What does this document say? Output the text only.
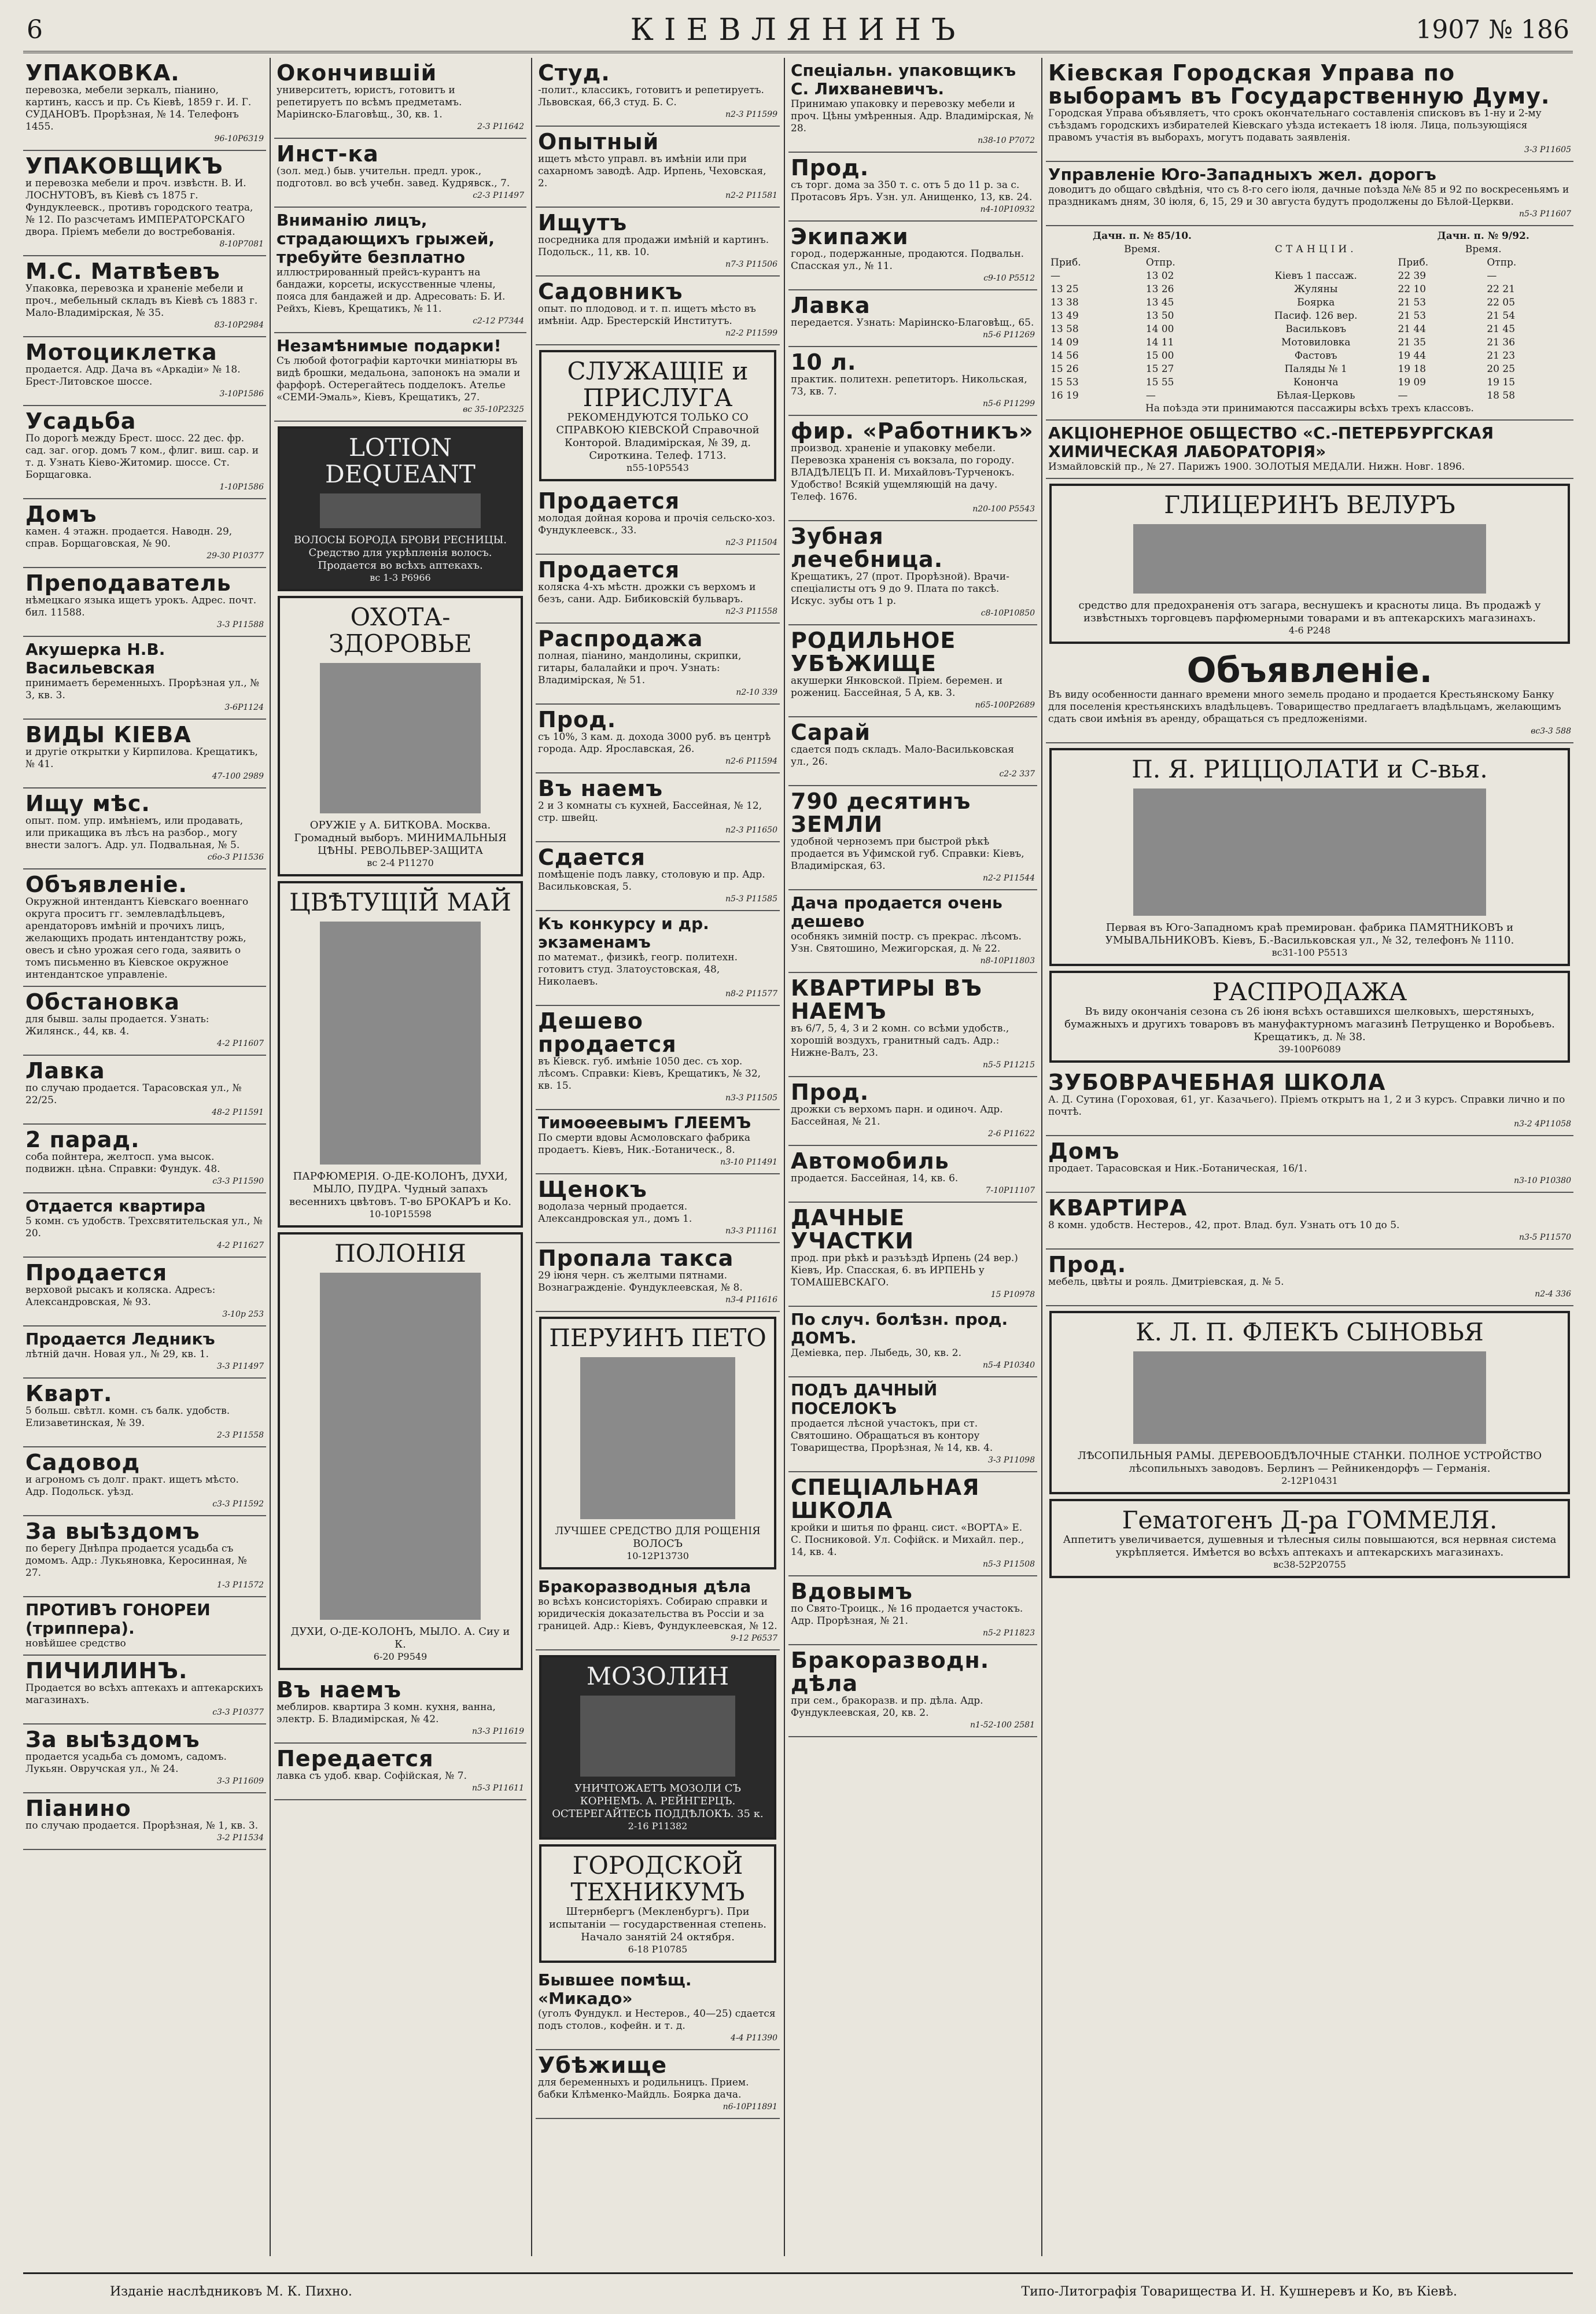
6	КІЕВЛЯНИНЪ	1907 № 186
УПАКОВКА.
перевозка, мебели зеркалъ, піанино, картинъ, кассъ и пр. Съ Кіевѣ, 1859 г. И. Г. СУДАНОВЪ. Прорѣзная, № 14. Телефонъ 1455.
96-10Р6319
УПАКОВЩИКЪ
и перевозка мебели и проч. извѣстн. В. И. ЛОСНУТОВЪ, въ Кіевѣ съ 1875 г. Фундуклеевск., противъ городского театра, № 12. По разсчетамъ ИМПЕРАТОРСКАГО двора. Пріемъ мебели до востребованія.
8-10Р7081
М.С. Матвѣевъ
Упаковка, перевозка и храненіе мебели и проч., мебельный складъ въ Кіевѣ съ 1883 г. Мало-Владимірская, № 35.
83-10Р2984
Мотоциклетка
продается. Адр. Дача въ «Аркадіи» № 18. Брест-Литовское шоссе.
3-10Р1586
Усадьба
По дорогѣ между Брест. шосс. 22 дес. фр. сад. заг. огор. домъ 7 ком., флиг. виш. сар. и т. д. Узнать Кіево-Житомир. шоссе. Ст. Борщаговка.
1-10Р1586
Домъ
камен. 4 этажн. продается. Наводн. 29, справ. Борщаговская, № 90.
29-30 Р10377
Преподаватель
нѣмецкаго языка ищетъ урокъ. Адрес. почт. бил. 11588.
3-3 Р11588
Акушерка Н.В. Васильевская
принимаетъ беременныхъ. Прорѣзная ул., № 3, кв. 3.
3-6Р1124
ВИДЫ КІЕВА
и другіе открытки у Кирпилова. Крещатикъ, № 41.
47-100 2989
Ищу мѣс.
опыт. пом. упр. имѣніемъ, или продавать, или прикащика въ лѣсъ на разбор., могу внести залогъ. Адр. ул. Подвальная, № 5.
c6o-3 Р11536
Объявленіе.
Окружной интендантъ Кіевскаго военнаго округа проситъ гг. землевладѣльцевъ, арендаторовъ имѣній и прочихъ лицъ, желающихъ продать интендантству рожь, овесъ и сѣно урожая сего года, заявить о томъ письменно въ Кіевское окружное интендантское управленіе.
Обстановка
для бывш. залы продается. Узнать: Жилянск., 44, кв. 4.
4-2 Р11607
Лавка
по случаю продается. Тарасовская ул., № 22/25.
48-2 Р11591
2 парад.
соба пойнтера, желтосп. ума высок. подвижн. цѣна. Справки: Фундук. 48.
c3-3 Р11590
Отдается квартира
5 комн. съ удобств. Трехсвятительская ул., № 20.
4-2 Р11627
Продается
верховой рысакъ и коляска. Адресъ: Александровская, № 93.
3-10р 253
Продается Ледникъ
лѣтній дачн. Новая ул., № 29, кв. 1.
3-3 Р11497
Кварт.
5 больш. свѣтл. комн. съ балк. удобств. Елизаветинская, № 39.
2-3 Р11558
Садовод
и агрономъ съ долг. практ. ищетъ мѣсто. Адр. Подольск. уѣзд.
c3-3 Р11592
За выѣздомъ
по берегу Днѣпра продается усадьба съ домомъ. Адр.: Лукьяновка, Керосинная, № 27.
1-3 Р11572
ПРОТИВЪ ГОНОРЕИ (триппера).
новѣйшее средство
ПИЧИЛИНЪ.
Продается во всѣхъ аптекахъ и аптекарскихъ магазинахъ.
c3-3 Р10377
За выѣздомъ
продается усадьба съ домомъ, садомъ. Лукьян. Овручская ул., № 24.
3-3 Р11609
Піанино
по случаю продается. Прорѣзная, № 1, кв. 3.
3-2 Р11534
Окончившій
университетъ, юристъ, готовитъ и репетируетъ по всѣмъ предметамъ. Маріинско-Благовѣщ., 30, кв. 1.
2-3 Р11642
Инст-ка
(зол. мед.) быв. учительн. предл. урок., подготовл. во всѣ учебн. завед. Кудрявск., 7.
c2-3 Р11497
Вниманію лицъ, страдающихъ грыжей, требуйте безплатно
иллюстрированный прейсъ-курантъ на бандажи, корсеты, искусственные члены, пояса для бандажей и др. Адресовать: Б. И. Рейхъ, Кіевъ, Крещатикъ, № 11.
c2-12 Р7344
Незамѣнимые подарки!
Съ любой фотографіи карточки миніатюры въ видѣ брошки, медальона, запонокъ на эмали и фарфорѣ. Остерегайтесь подделокъ. Ателье «СЕМИ-Эмаль», Кіевъ, Крещатикъ, 27.
вс 35-10Р2325
LOTION DEQUEANT
ВОЛОСЫ БОРОДА БРОВИ РЕСНИЦЫ. Средство для укрѣпленія волосъ. Продается во всѣхъ аптекахъ.
вс 1-3 Р6966
ОХОТА-ЗДОРОВЬЕ
ОРУЖІЕ у А. БИТКОВА. Москва. Громадный выборъ. МИНИМАЛЬНЫЯ ЦѢНЫ. РЕВОЛЬВЕР-ЗАЩИТА
вс 2-4 Р11270
ЦВѢТУЩІЙ МАЙ
ПАРФЮМЕРІЯ. О-ДЕ-КОЛОНЪ, ДУХИ, МЫЛО, ПУДРА. Чудный запахъ весеннихъ цвѣтовъ. Т-во БРОКАРЪ и Ко.
10-10Р15598
ПОЛОНІЯ
ДУХИ, О-ДЕ-КОЛОНЪ, МЫЛО. А. Сиу и К.
6-20 Р9549
Въ наемъ
меблиров. квартира 3 комн. кухня, ванна, электр. Б. Владимірская, № 42.
n3-3 Р11619
Передается
лавка съ удоб. квар. Софійская, № 7.
n5-3 Р11611
Студ.
-полит., классикъ, готовитъ и репетируетъ. Львовская, 66,3 студ. Б. С.
n2-3 Р11599
Опытный
ищетъ мѣсто управл. въ имѣніи или при сахарномъ заводѣ. Адр. Ирпень, Чеховская, 2.
n2-2 Р11581
Ищутъ
посредника для продажи имѣній и картинъ. Подольск., 11, кв. 10.
n7-3 Р11506
Садовникъ
опыт. по плодовод. и т. п. ищетъ мѣсто въ имѣніи. Адр. Брестерскій Институтъ.
n2-2 Р11599
СЛУЖАЩІЕ и ПРИСЛУГА
РЕКОМЕНДУЮТСЯ ТОЛЬКО СО СПРАВКОЮ КІЕВСКОЙ Справочной Конторой. Владимірская, № 39, д. Сироткина. Телеф. 1713.
n55-10Р5543
Продается
молодая дойная корова и прочія сельско-хоз. Фундуклеевск., 33.
n2-3 Р11504
Продается
коляска 4-хъ мѣстн. дрожки съ верхомъ и безъ, сани. Адр. Бибиковскій бульваръ.
n2-3 Р11558
Распродажа
полная, піанино, мандолины, скрипки, гитары, балалайки и проч. Узнать: Владимірская, № 51.
n2-10 339
Прод.
съ 10%, 3 кам. д. дохода 3000 руб. въ центрѣ города. Адр. Ярославская, 26.
n2-6 Р11594
Въ наемъ
2 и 3 комнаты съ кухней, Бассейная, № 12, стр. швейц.
n2-3 Р11650
Сдается
помѣщеніе подъ лавку, столовую и пр. Адр. Васильковская, 5.
n5-3 Р11585
Къ конкурсу и др. экзаменамъ
по математ., физикѣ, геогр. политехн. готовитъ студ. Златоустовская, 48, Николаевъ.
n8-2 Р11577
Дешево продается
въ Кіевск. губ. имѣніе 1050 дес. съ хор. лѣсомъ. Справки: Кіевъ, Крещатикъ, № 32, кв. 15.
n3-3 Р11505
Тимоѳеевымъ ГЛЕЕМЪ
По смерти вдовы Асмоловскаго фабрика продаетъ. Кіевъ, Ник.-Ботаническ., 8.
n3-10 Р11491
Щенокъ
водолаза черный продается. Александровская ул., домъ 1.
n3-3 Р11161
Пропала такса
29 іюня черн. съ желтыми пятнами. Вознагражденіе. Фундуклеевская, № 8.
n3-4 Р11616
ПЕРУИНЪ ПЕТО
ЛУЧШЕЕ СРЕДСТВО ДЛЯ РОЩЕНІЯ ВОЛОСЪ
10-12Р13730
Бракоразводныя дѣла
во всѣхъ консисторіяхъ. Собираю справки и юридическія доказательства въ Россіи и за границей. Адр.: Кіевъ, Фундуклеевская, № 12.
9-12 Р6537
МОЗОЛИН
УНИЧТОЖАЕТЪ МОЗОЛИ СЪ КОРНЕМЪ. А. РЕЙНГЕРЦЪ. ОСТЕРЕГАЙТЕСЬ ПОДДѢЛОКЪ. 35 к.
2-16 Р11382
ГОРОДСКОЙ ТЕХНИКУМЪ
Штернбергъ (Мекленбургъ). При испытаніи — государственная степень. Начало занятій 24 октября.
6-18 Р10785
Бывшее помѣщ. «Микадо»
(уголъ Фундукл. и Нестеров., 40—25) сдается подъ столов., кофейн. и т. д.
4-4 Р11390
Убѣжище
для беременныхъ и родильницъ. Прием. бабки Клѣменко-Майдль. Боярка дача.
n6-10Р11891
Спеціальн. упаковщикъ С. Лихваневичъ.
Принимаю упаковку и перевозку мебели и проч. Цѣны умѣренныя. Адр. Владимірская, № 28.
n38-10 Р7072
Прод.
съ торг. дома за 350 т. с. отъ 5 до 11 р. за с. Протасовъ Яръ. Узн. ул. Анищенко, 13, кв. 24.
n4-10Р10932
Экипажи
город., подержанные, продаются. Подвальн. Спасская ул., № 11.
c9-10 Р5512
Лавка
передается. Узнать: Маріинско-Благовѣщ., 65.
n5-6 Р11269
10 л.
практик. политехн. репетиторъ. Никольская, 73, кв. 7.
n5-6 Р11299
фир. «Работникъ»
производ. храненіе и упаковку мебели. Перевозка храненія съ вокзала, по городу. ВЛАДѢЛЕЦЪ П. И. Михайловъ-Турченокъ. Удобство! Всякій ущемляющій на дачу. Телеф. 1676.
n20-100 Р5543
Зубная лечебница.
Крещатикъ, 27 (прот. Прорѣзной). Врачи-спеціалисты отъ 9 до 9. Плата по таксѣ. Искус. зубы отъ 1 р.
c8-10Р10850
РОДИЛЬНОЕ УБѢЖИЩЕ
акушерки Янковской. Пріем. беремен. и рожениц. Бассейная, 5 А, кв. 3.
n65-100Р2689
Сарай
сдается подъ складъ. Мало-Васильковская ул., 26.
c2-2 337
790 десятинъ ЗЕМЛИ
удобной черноземъ при быстрой рѣкѣ продается въ Уфимской губ. Справки: Кіевъ, Владимірская, 63.
n2-2 Р11544
Дача продается очень дешево
особнякъ зимній постр. съ прекрас. лѣсомъ. Узн. Святошино, Межигорская, д. № 22.
n8-10Р11803
КВАРТИРЫ ВЪ НАЕМЪ
въ 6/7, 5, 4, 3 и 2 комн. со всѣми удобств., хорошій воздухъ, гранитный садъ. Адр.: Нижне-Валъ, 23.
n5-5 Р11215
Прод.
дрожки съ верхомъ парн. и одиноч. Адр. Бассейная, № 21.
2-6 Р11622
Автомобиль
продается. Бассейная, 14, кв. 6.
7-10Р11107
ДАЧНЫЕ УЧАСТКИ
прод. при рѣкѣ и разъѣздѣ Ирпень (24 вер.) Кіевъ, Ир. Спасская, 6. въ ИРПЕНЬ у ТОМАШЕВСКАГО.
15 Р10978
По случ. болѣзн. прод. ДОМЪ.
Деміевка, пер. Лыбедь, 30, кв. 2.
n5-4 Р10340
ПОДЪ ДАЧНЫЙ ПОСЕЛОКЪ
продается лѣсной участокъ, при ст. Святошино. Обращаться въ контору Товарищества, Прорѣзная, № 14, кв. 4.
3-3 Р11098
СПЕЦІАЛЬНАЯ ШКОЛА
кройки и шитья по франц. сист. «ВОРТА» Е. С. Посниковой. Ул. Софійск. и Михайл. пер., 14, кв. 4.
n5-3 Р11508
Вдовымъ
по Свято-Троицк., № 16 продается участокъ. Адр. Прорѣзная, № 21.
n5-2 Р11823
Бракоразводн. дѣла
при сем., бракоразв. и пр. дѣла. Адр. Фундуклеевская, 20, кв. 2.
n1-52-100 2581
Кіевская Городская Управа по выборамъ въ Государственную Думу.
Городская Управа объявляетъ, что срокъ окончательнаго составленія списковъ въ 1-ну и 2-му съѣздамъ городскихъ избирателей Кіевскаго уѣзда истекаетъ 18 іюля. Лица, пользующіяся правомъ участія въ выборахъ, могутъ подавать заявленія.
3-3 Р11605
Управленіе Юго-Западныхъ жел. дорогъ
доводитъ до общаго свѣдѣнія, что съ 8-го сего іюля, дачные поѣзда №№ 85 и 92 по воскресеньямъ и праздникамъ дням, 30 іюля, 6, 15, 29 и 30 августа будутъ продолжены до Бѣлой-Церкви.
n5-3 Р11607
Дачн. п. № 85/10.			Дачн. п. № 9/92.	
Время.		СТАНЦІИ.	Время.	
Приб.	Отпр.		Приб.	Отпр.
—	13 02	Кіевъ 1 пассаж.	22 39	—
13 25	13 26	Жуляны	22 10	22 21
13 38	13 45	Боярка	21 53	22 05
13 49	13 50	Пасиф. 126 вер.	21 53	21 54
13 58	14 00	Васильковъ	21 44	21 45
14 09	14 11	Мотовиловка	21 35	21 36
14 56	15 00	Фастовъ	19 44	21 23
15 26	15 27	Паляды № 1	19 18	20 25
15 53	15 55	Кононча	19 09	19 15
16 19	—	Бѣлая-Церковь	—	18 58
На поѣзда эти принимаются пассажиры всѣхъ трехъ классовъ.
АКЦІОНЕРНОЕ ОБЩЕСТВО «С.-ПЕТЕРБУРГСКАЯ ХИМИЧЕСКАЯ ЛАБОРАТОРІЯ»
Измайловскій пр., № 27. Парижъ 1900. ЗОЛОТЫЯ МЕДАЛИ. Нижн. Новг. 1896.
ГЛИЦЕРИНЪ ВЕЛУРЪ
средство для предохраненія отъ загара, веснушекъ и красноты лица. Въ продажѣ у извѣстныхъ торговцевъ парфюмерными товарами и въ аптекарскихъ магазинахъ.
4-6 Р248
Объявленіе.
Въ виду особенности даннаго времени много земель продано и продается Крестьянскому Банку для поселенія крестьянскихъ владѣльцевъ. Товарищество предлагаетъ владѣльцамъ, желающимъ сдать свои имѣнія въ аренду, обращаться съ предложеніями.
вс3-3 588
П. Я. РИЦЦОЛАТИ и С-вья.
Первая въ Юго-Западномъ краѣ премирован. фабрика ПАМЯТНИКОВЪ и УМЫВАЛЬНИКОВЪ. Кіевъ, Б.-Васильковская ул., № 32, телефонъ № 1110.
вс31-100 Р5513
РАСПРОДАЖА
Въ виду окончанія сезона съ 26 іюня всѣхъ оставшихся шелковыхъ, шерстяныхъ, бумажныхъ и другихъ товаровъ въ мануфактурномъ магазинѣ Петрущенко и Воробьевъ. Крещатикъ, д. № 38.
39-100Р6089
ЗУБОВРАЧЕБНАЯ ШКОЛА
А. Д. Сутина (Гороховая, 61, уг. Казачьего). Пріемъ открытъ на 1, 2 и 3 курсъ. Справки лично и по почтѣ.
n3-2 4Р11058
Домъ
продает. Тарасовская и Ник.-Ботаническая, 16/1.
n3-10 Р10380
КВАРТИРА
8 комн. удобств. Нестеров., 42, прот. Влад. бул. Узнать отъ 10 до 5.
n3-5 Р11570
Прод.
мебель, цвѣты и рояль. Дмитріевская, д. № 5.
n2-4 336
К. Л. П. ФЛЕКЪ СЫНОВЬЯ
ЛѢСОПИЛЬНЫЯ РАМЫ. ДЕРЕВООБДѢЛОЧНЫЕ СТАНКИ. ПОЛНОЕ УСТРОЙСТВО лѣсопильныхъ заводовъ. Берлинъ — Рейникендорфъ — Германія.
2-12Р10431
Гематогенъ Д-ра ГОММЕЛЯ.
Аппетитъ увеличивается, душевныя и тѣлесныя силы повышаются, вся нервная система укрѣпляется. Имѣется во всѣхъ аптекахъ и аптекарскихъ магазинахъ.
вс38-52Р20755
Изданіе наслѣдниковъ М. К. Пихно.	Типо-Литографія Товарищества И. Н. Кушнеревъ и Ко, въ Кіевѣ.
